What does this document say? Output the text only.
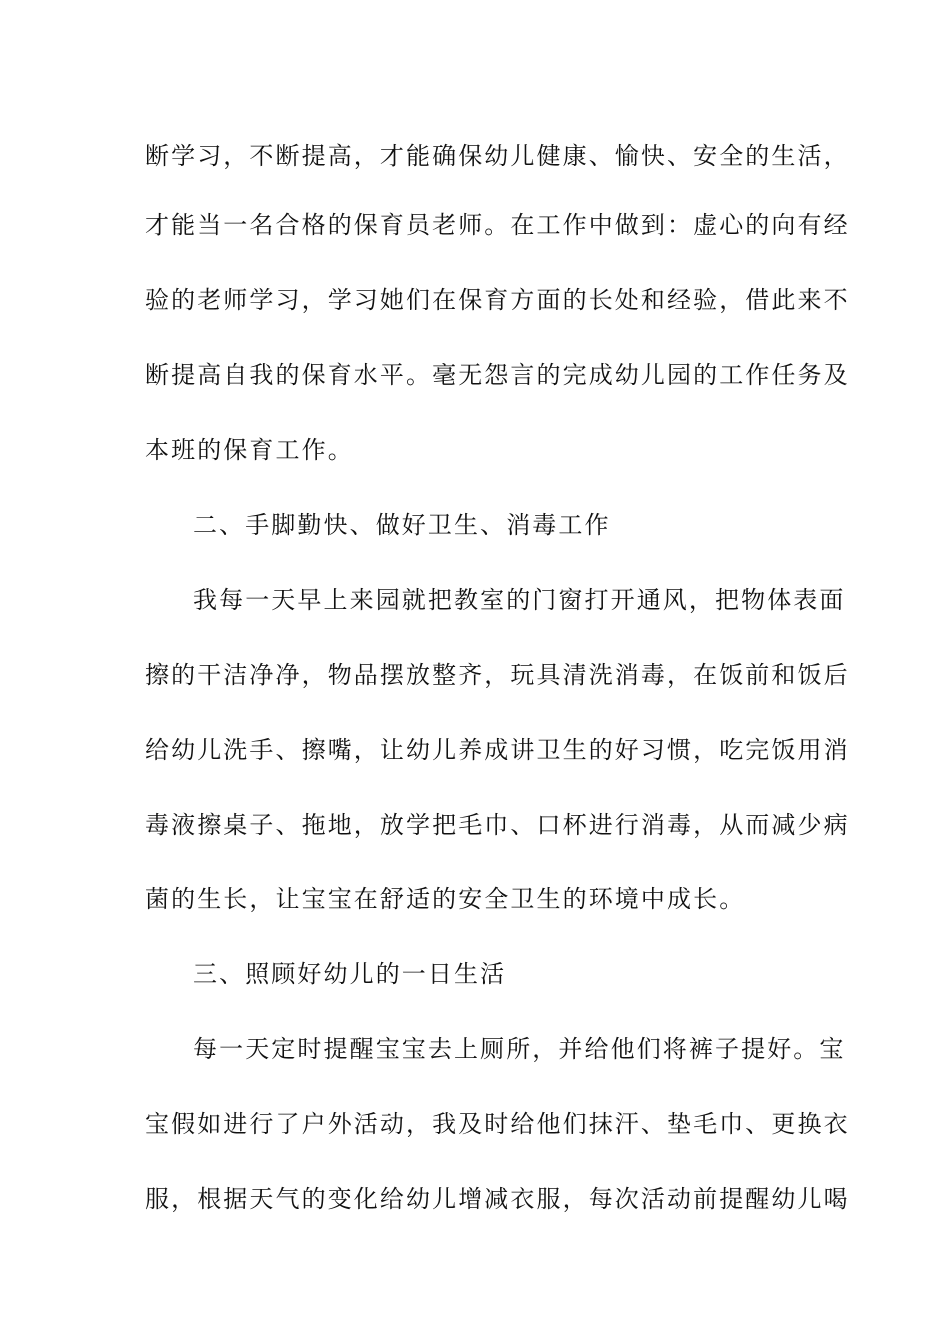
断学习，不断提高，才能确保幼儿健康、愉快、安全的生活，
才能当一名合格的保育员老师。在工作中做到：虚心的向有经
验的老师学习，学习她们在保育方面的长处和经验，借此来不
断提高自我的保育水平。毫无怨言的完成幼儿园的工作任务及
本班的保育工作。
二、手脚勤快、做好卫生、消毒工作
我每一天早上来园就把教室的门窗打开通风，把物体表面
擦的干洁净净，物品摆放整齐，玩具清洗消毒，在饭前和饭后
给幼儿洗手、擦嘴，让幼儿养成讲卫生的好习惯，吃完饭用消
毒液擦桌子、拖地，放学把毛巾、口杯进行消毒，从而减少病
菌的生长，让宝宝在舒适的安全卫生的环境中成长。
三、照顾好幼儿的一日生活
每一天定时提醒宝宝去上厕所，并给他们将裤子提好。宝
宝假如进行了户外活动，我及时给他们抹汗、垫毛巾、更换衣
服，根据天气的变化给幼儿增减衣服，每次活动前提醒幼儿喝
